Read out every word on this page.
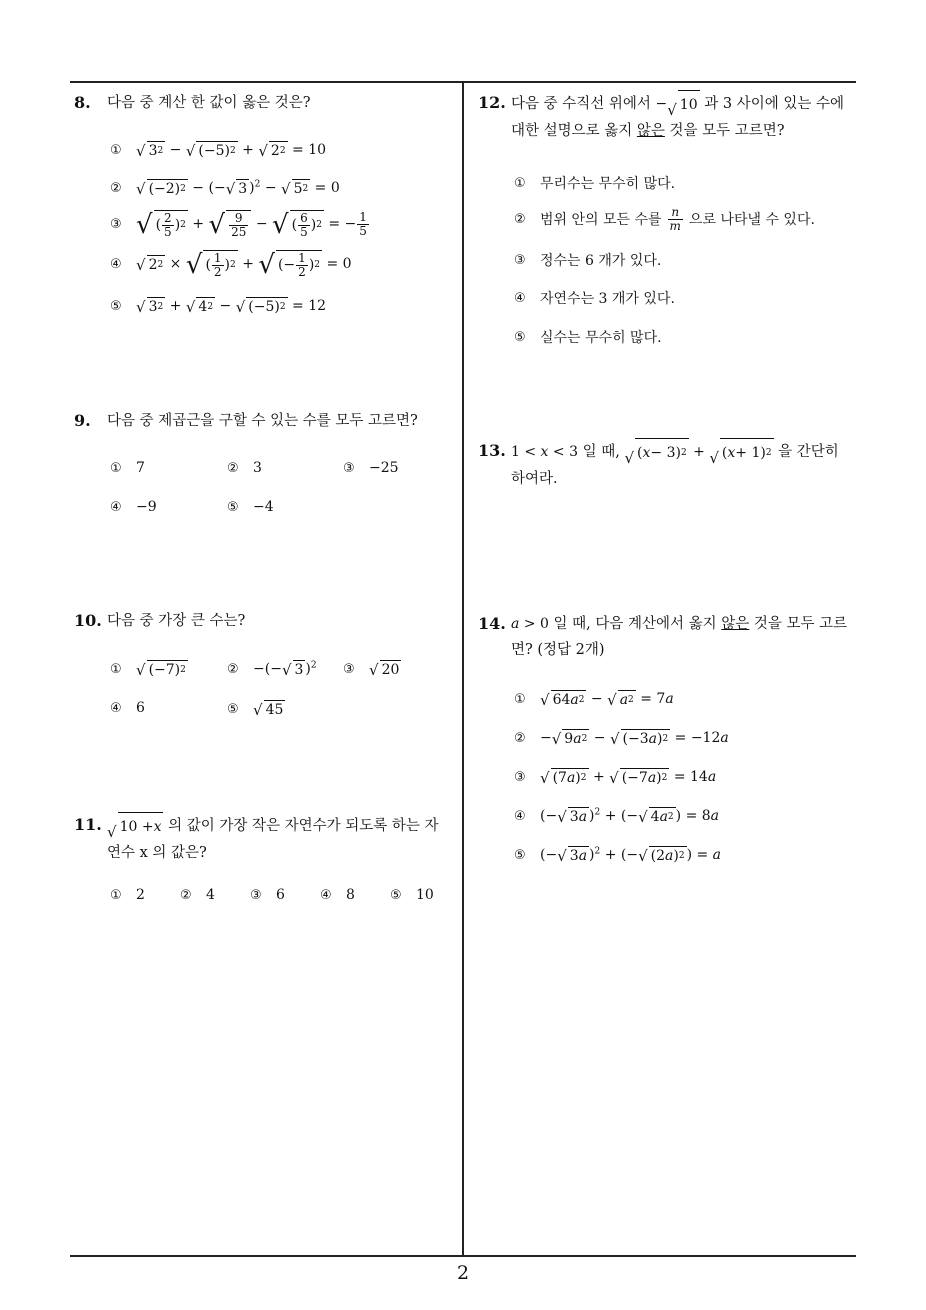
8.	다음 중 계산 한 값이 옳은 것은?
① √ 3 2 − √ (−5) 2 + √ 2 2 = 10
② √ (−2) 2 − (− √ 3 )$^2$ − √ 5 2 = 0
③ √ ( $\frac{2}{5}$ ) 2 + √ $\frac{9}{25}$ − √ ( $\frac{6}{5}$ ) 2 = − $\frac{1}{5}$
④ √ 2 2 × √ ( $\frac{1}{2}$ ) 2 + √ (− $\frac{1}{2}$ ) 2 = 0
⑤ √ 3 2 + √ 4 2 − √ (−5) 2 = 12
9.	다음 중 제곱근을 구할 수 있는 수를 모두 고르면?
①	7	②	3	③	−25
④	−9	⑤	−4
10. 다음 중 가장 큰 수는?
① √ (−7) 2	②	−(− √ 3 )$^2$ ③ √ 20
④	6	⑤ √ 45
11. √ 10 + x 의 값이 가장 작은 자연수가 되도록 하는 자
연수 x 의 값은?
①	2	②	4	③	6	④	8	⑤	10
12. 다음 중 수직선 위에서 − √ 10 과 3 사이에 있는 수에
대한 설명으로 옳지 않은 것을 모두 고르면?
①	무리수는 무수히 많다.
②	범위 안의 모든 수를 $\frac{n}{m}$ 으로 나타낼 수 있다.
③	정수는 6 개가 있다.
④	자연수는 3 개가 있다.
⑤	실수는 무수히 많다.
13. 1 < x < 3 일 때, √ ( x − 3) 2 + √ ( x + 1) 2 을 간단히
하여라.
14. a > 0 일 때, 다음 계산에서 옳지 않은 것을 모두 고르
면? (정답 2개)
① √ 64 a 2 − √ a 2 = 7a
②	− √ 9 a 2 − √ (−3 a ) 2 = −12a
③ √ (7 a ) 2 + √ (−7 a ) 2 = 14a
④	(− √ 3 a )$^2$ + (− √ 4 a 2 ) = 8a
⑤	(− √ 3 a )$^2$ + (− √ (2 a ) 2 ) = a
2
